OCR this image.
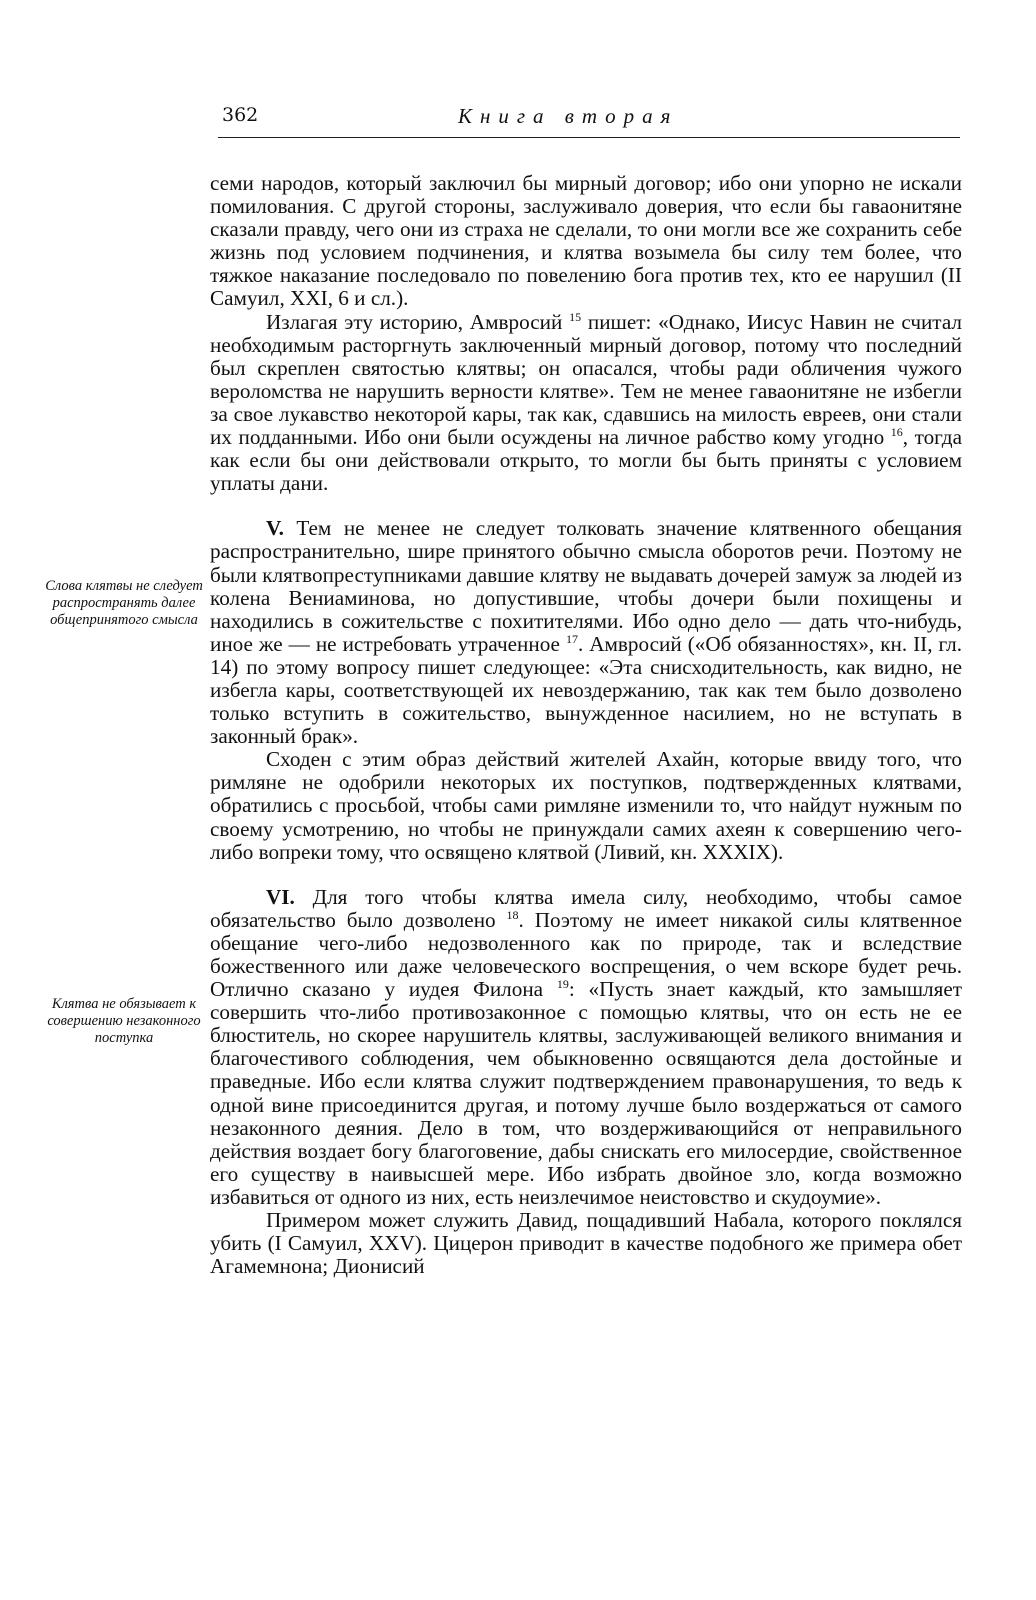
362	Книга вторая
Слова клятвы не следует распространять далее общепринятого смысла
Клятва не обязывает к совершению незаконного поступка

семи народов, который заключил бы мирный договор; ибо они упорно не искали помилования. С другой стороны, заслуживало доверия, что если бы гаваонитяне сказали правду, чего они из страха не сделали, то они могли все же сохранить себе жизнь под условием подчинения, и клятва возымела бы силу тем более, что тяжкое наказание последовало по повелению бога против тех, кто ее нарушил (II Самуил, XXI, 6 и сл.).

Излагая эту историю, Амвросий $^{15}$ пишет: «Однако, Иисус Навин не считал необходимым расторгнуть заключенный мирный договор, потому что последний был скреплен святостью клятвы; он опасался, чтобы ради обличения чужого вероломства не нарушить верности клятве». Тем не менее гаваонитяне не избегли за свое лукавство некоторой кары, так как, сдавшись на милость евреев, они стали их подданными. Ибо они были осуждены на личное рабство кому угодно $^{16}$, тогда как если бы они действовали открыто, то могли бы быть приняты с условием уплаты дани.

V. Тем не менее не следует толковать значение клятвенного обещания распространительно, шире принятого обычно смысла оборотов речи. Поэтому не были клятвопреступниками давшие клятву не выдавать дочерей замуж за людей из колена Вениаминова, но допустившие, чтобы дочери были похищены и находились в сожительстве с похитителями. Ибо одно дело — дать что-нибудь, иное же — не истребовать утраченное $^{17}$. Амвросий («Об обязанностях», кн. II, гл. 14) по этому вопросу пишет следующее: «Эта снисходительность, как видно, не избегла кары, соответствующей их невоздержанию, так как тем было дозволено только вступить в сожительство, вынужденное насилием, но не вступать в законный брак».

Сходен с этим образ действий жителей Ахайн, которые ввиду того, что римляне не одобрили некоторых их поступков, подтвержденных клятвами, обратились с просьбой, чтобы сами римляне изменили то, что найдут нужным по своему усмотрению, но чтобы не принуждали самих ахеян к совершению чего-либо вопреки тому, что освящено клятвой (Ливий, кн. XXXIX).

VI. Для того чтобы клятва имела силу, необходимо, чтобы самое обязательство было дозволено $^{18}$. Поэтому не имеет никакой силы клятвенное обещание чего-либо недозволенного как по природе, так и вследствие божественного или даже человеческого воспрещения, о чем вскоре будет речь. Отлично сказано у иудея Филона $^{19}$: «Пусть знает каждый, кто замышляет совершить что-либо противозаконное с помощью клятвы, что он есть не ее блюститель, но скорее нарушитель клятвы, заслуживающей великого внимания и благочестивого соблюдения, чем обыкновенно освящаются дела достойные и праведные. Ибо если клятва служит подтверждением правонарушения, то ведь к одной вине присоединится другая, и потому лучше было воздержаться от самого незаконного деяния. Дело в том, что воздерживающийся от неправильного действия воздает богу благоговение, дабы снискать его милосердие, свойственное его существу в наивысшей мере. Ибо избрать двойное зло, когда возможно избавиться от одного из них, есть неизлечимое неистовство и скудоумие».

Примером может служить Давид, пощадивший Набала, которого поклялся убить (I Самуил, XXV). Цицерон приводит в качестве подобного же примера обет Агамемнона; Дионисий
